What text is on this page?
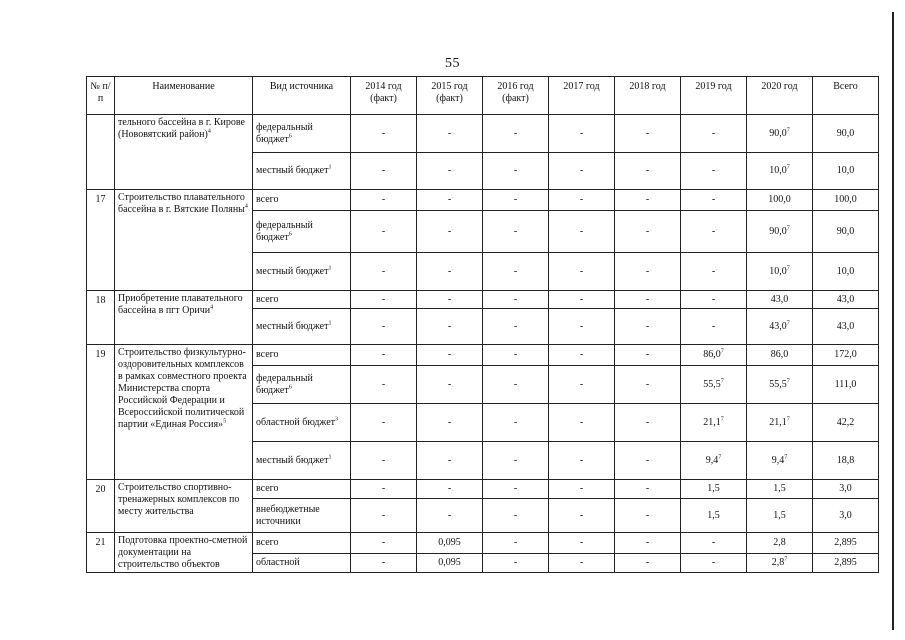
55
№ п/п	Наименование	Вид источника	2014 год (факт)	2015 год (факт)	2016 год (факт)	2017 год	2018 год	2019 год	2020 год	Всего
	тельного бассейна в г. Кирове (Нововятский район)$^4$	федеральный бюджет$^6$	-	-	-	-	-	-	90,0$^7$	90,0
		местный бюджет$^1$	-	-	-	-	-	-	10,0$^7$	10,0
17	Строительство плавательного бассейна в г. Вятские Поляны$^4$	всего	-	-	-	-	-	-	100,0	100,0
		федеральный бюджет$^6$	-	-	-	-	-	-	90,0$^7$	90,0
		местный бюджет$^1$	-	-	-	-	-	-	10,0$^7$	10,0
18	Приобретение плавательного бассейна в пгт Оричи$^4$	всего	-	-	-	-	-	-	43,0	43,0
		местный бюджет$^1$	-	-	-	-	-	-	43,0$^7$	43,0
19	Строительство физкультурно-оздоровительных комплексов в рамках совместного проекта Министерства спорта Российской Федерации и Всероссийской политической партии «Единая Россия»$^5$	всего	-	-	-	-	-	86,0$^7$	86,0	172,0
		федеральный бюджет$^6$	-	-	-	-	-	55,5$^7$	55,5$^7$	111,0
		областной бюджет$^3$	-	-	-	-	-	21,1$^7$	21,1$^7$	42,2
		местный бюджет$^1$	-	-	-	-	-	$9,4^7$	$9,4^7$	18,8
20	Строительство спортивно-тренажерных комплексов по месту жительства	всего	-	-	-	-	-	1,5	1,5	3,0
		внебюджетные источники	-	-	-	-	-	1,5	1,5	3,0
21	Подготовка проектно-сметной документации на строительство объектов	всего	-	0,095	-	-	-	-	2,8	2,895
		областной	-	0,095	-	-	-	-	$2,8^7$	2,895
